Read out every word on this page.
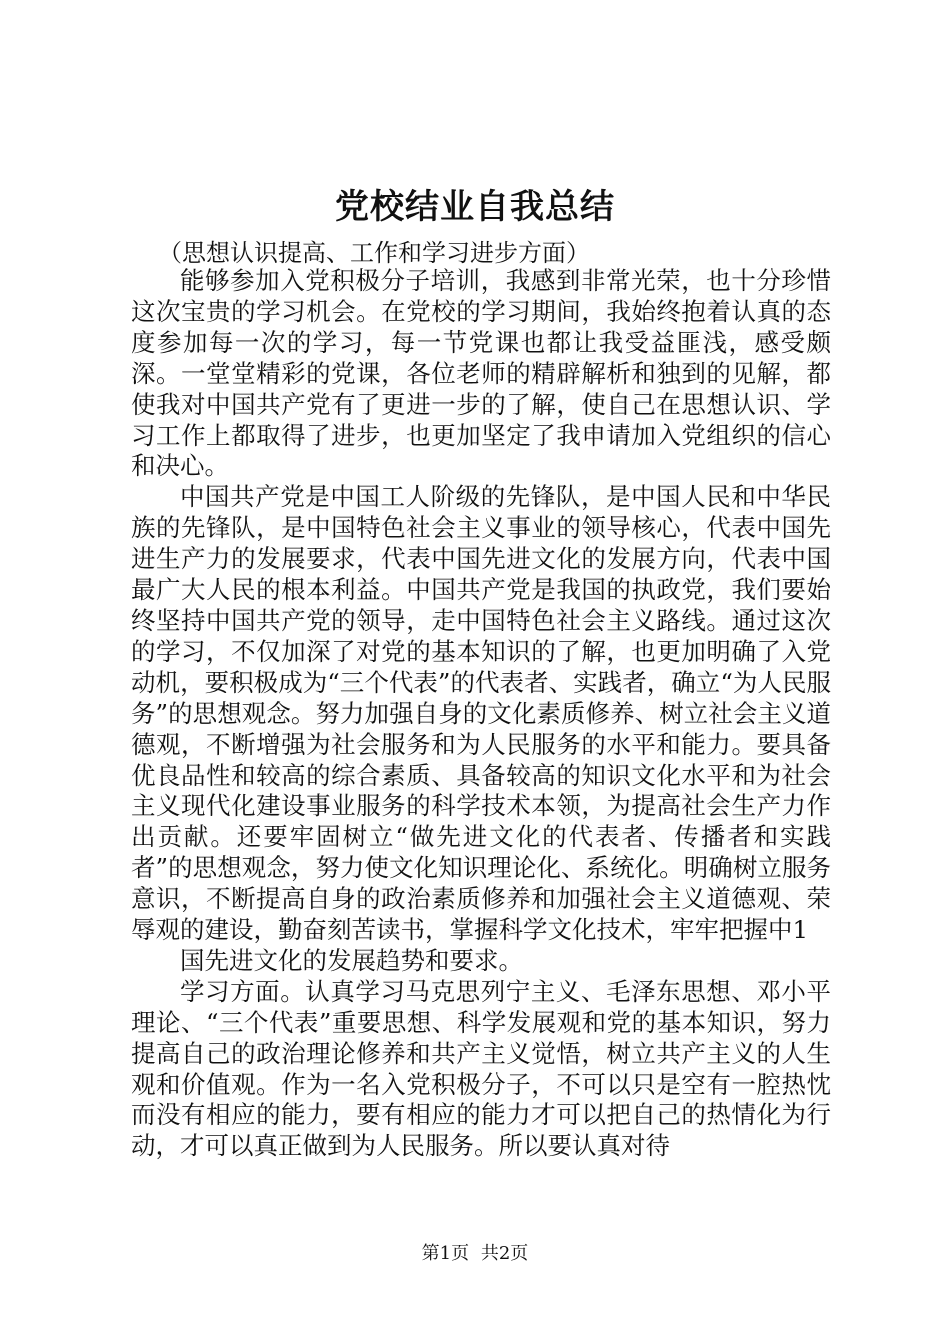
党校结业自我总结
（思想认识提高、工作和学习进步方面）

能够参加入党积极分子培训，我感到非常光荣，也十分珍惜这次宝贵的学习机会。在党校的学习期间，我始终抱着认真的态度参加每一次的学习，每一节党课也都让我受益匪浅，感受颇深。一堂堂精彩的党课，各位老师的精辟解析和独到的见解，都使我对中国共产党有了更进一步的了解，使自己在思想认识、学习工作上都取得了进步，也更加坚定了我申请加入党组织的信心和决心。

中国共产党是中国工人阶级的先锋队，是中国人民和中华民族的先锋队，是中国特色社会主义事业的领导核心，代表中国先进生产力的发展要求，代表中国先进文化的发展方向，代表中国最广大人民的根本利益。中国共产党是我国的执政党，我们要始终坚持中国共产党的领导，走中国特色社会主义路线。通过这次的学习，不仅加深了对党的基本知识的了解，也更加明确了入党动机，要积极成为“三个代表”的代表者、实践者，确立“为人民服务”的思想观念。努力加强自身的文化素质修养、树立社会主义道德观，不断增强为社会服务和为人民服务的水平和能力。要具备优良品性和较高的综合素质、具备较高的知识文化水平和为社会主义现代化建设事业服务的科学技术本领，为提高社会生产力作出贡献。还要牢固树立“做先进文化的代表者、传播者和实践者”的思想观念，努力使文化知识理论化、系统化。明确树立服务意识，不断提高自身的政治素质修养和加强社会主义道德观、荣辱观的建设，勤奋刻苦读书，掌握科学文化技术，牢牢把握中1

国先进文化的发展趋势和要求。

学习方面。认真学习马克思列宁主义、毛泽东思想、邓小平理论、“三个代表”重要思想、科学发展观和党的基本知识，努力提高自己的政治理论修养和共产主义觉悟，树立共产主义的人生观和价值观。作为一名入党积极分子，不可以只是空有一腔热忱而没有相应的能力，要有相应的能力才可以把自己的热情化为行动，才可以真正做到为人民服务。所以要认真对待

第1页 共2页
